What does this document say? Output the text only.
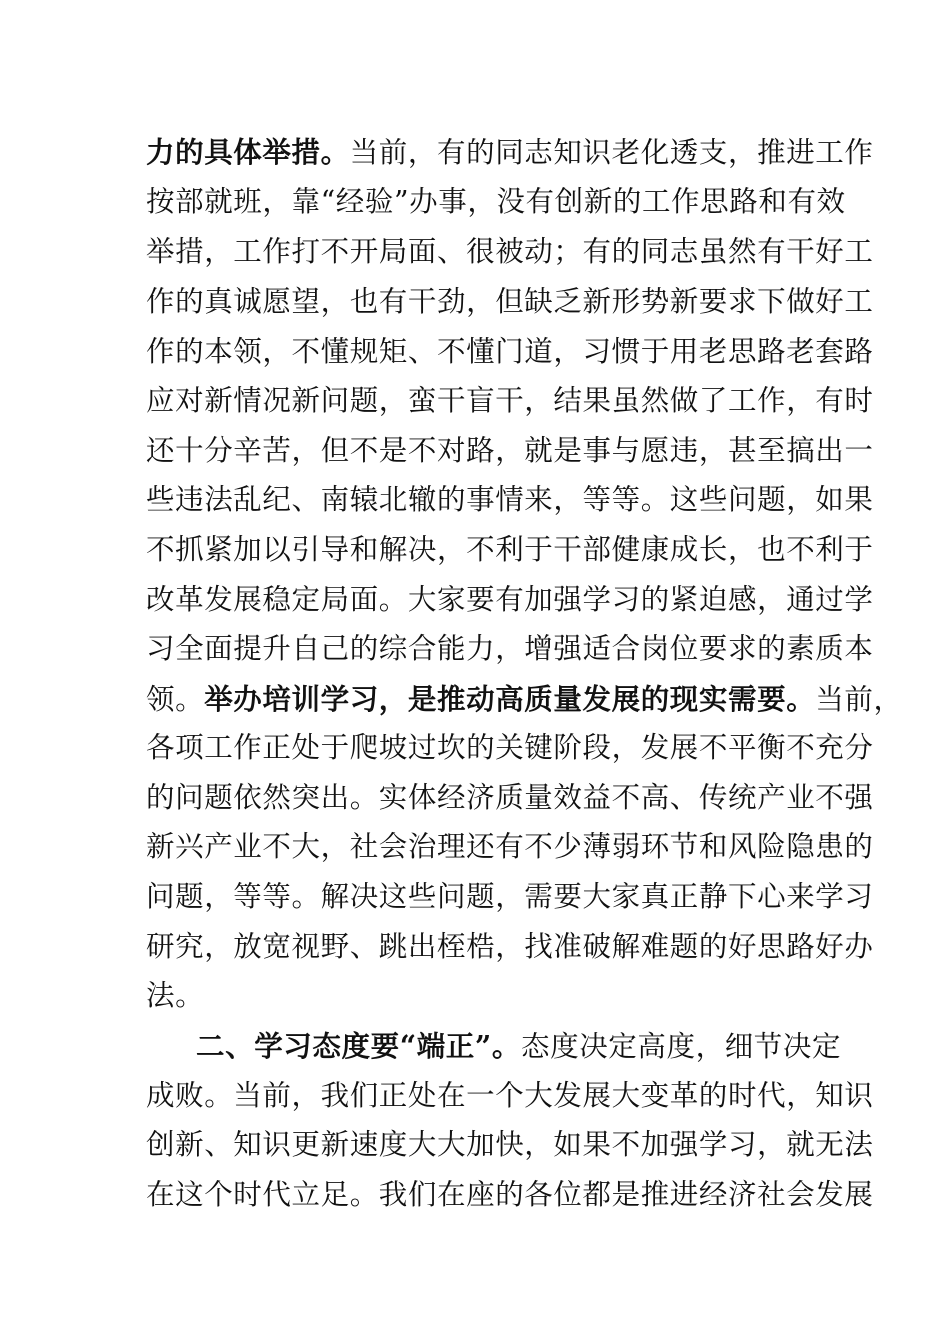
力的具体举措。当前，有的同志知识老化透支，推进工作
按部就班，靠“经验”办事，没有创新的工作思路和有效
举措，工作打不开局面、很被动；有的同志虽然有干好工
作的真诚愿望，也有干劲，但缺乏新形势新要求下做好工
作的本领，不懂规矩、不懂门道，习惯于用老思路老套路
应对新情况新问题，蛮干盲干，结果虽然做了工作，有时
还十分辛苦，但不是不对路，就是事与愿违，甚至搞出一
些违法乱纪、南辕北辙的事情来，等等。这些问题，如果
不抓紧加以引导和解决，不利于干部健康成长，也不利于
改革发展稳定局面。大家要有加强学习的紧迫感，通过学
习全面提升自己的综合能力，增强适合岗位要求的素质本
领。举办培训学习，是推动高质量发展的现实需要。当前，
各项工作正处于爬坡过坎的关键阶段，发展不平衡不充分
的问题依然突出。实体经济质量效益不高、传统产业不强
新兴产业不大，社会治理还有不少薄弱环节和风险隐患的
问题，等等。解决这些问题，需要大家真正静下心来学习
研究，放宽视野、跳出桎梏，找准破解难题的好思路好办
法。
二、学习态度要“端正”。态度决定高度，细节决定
成败。当前，我们正处在一个大发展大变革的时代，知识
创新、知识更新速度大大加快，如果不加强学习，就无法
在这个时代立足。我们在座的各位都是推进经济社会发展
